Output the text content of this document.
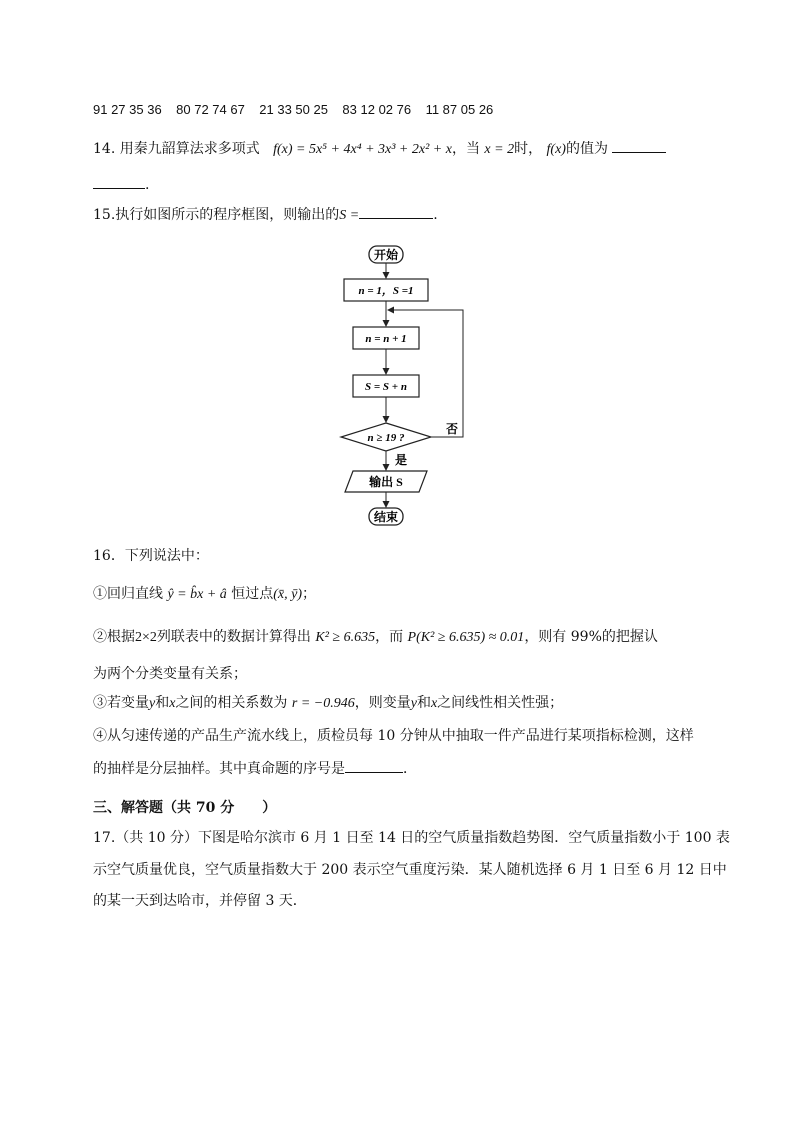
91 27 35 36 80 72 74 67 21 33 50 25 83 12 02 76 11 87 05 26
14. 用秦九韶算法求多项式 f(x) = 5x⁵ + 4x⁴ + 3x³ + 2x² + x，当 x = 2时， f(x)的值为
.
15.执行如图所示的程序框图，则输出的S =	.
开始
n = 1，S =1
n = n + 1
S = S + n
n ≥ 19 ?
否
是
输出 S
结束
16．下列说法中：
①回归直线 ŷ = b̂x + â 恒过点(x̄, ȳ)；
②根据2×2列联表中的数据计算得出 K² ≥ 6.635，而 P(K² ≥ 6.635) ≈ 0.01，则有 99%的把握认
为两个分类变量有关系；
③若变量y和x之间的相关系数为 r = −0.946，则变量y和x之间线性相关性强；
④从匀速传递的产品生产流水线上，质检员每 10 分钟从中抽取一件产品进行某项指标检测，这样
的抽样是分层抽样。其中真命题的序号是	．
三、解答题（共 70 分　　）
17.（共 10 分）下图是哈尔滨市 6 月 1 日至 14 日的空气质量指数趋势图．空气质量指数小于 100 表
示空气质量优良，空气质量指数大于 200 表示空气重度污染．某人随机选择 6 月 1 日至 6 月 12 日中
的某一天到达哈市，并停留 3 天．
